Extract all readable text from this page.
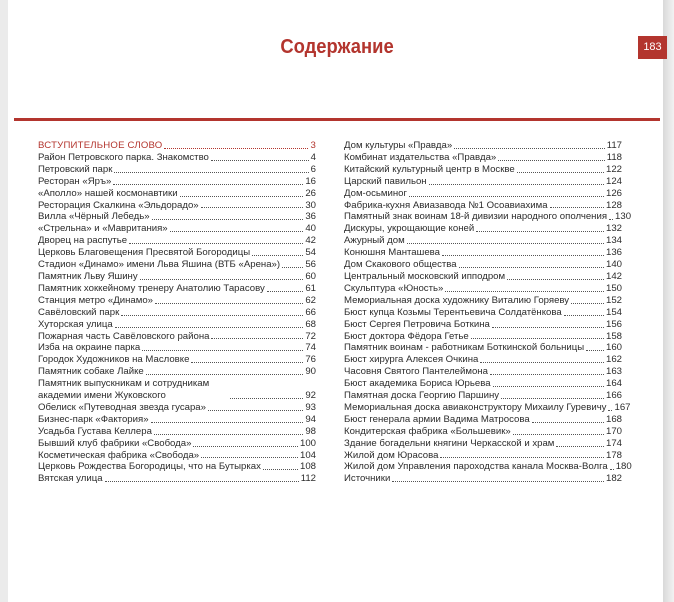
Содержание	183
ВСТУПИТЕЛЬНОЕ СЛОВО	3
Район Петровского парка. Знакомство	4
Петровский парк	6
Ресторан «Яръ»	16
«Аполло» нашей космонавтики	26
Ресторация Скалкина «Эльдорадо»	30
Вилла «Чёрный Лебедь»	36
«Стрельна» и «Мавритания»	40
Дворец на распутье	42
Церковь Благовещения Пресвятой Богородицы	54
Стадион «Динамо» имени Льва Яшина (ВТБ «Арена»)	56
Памятник Льву Яшину	60
Памятник хоккейному тренеру Анатолию Тарасову	61
Станция метро «Динамо»	62
Савёловский парк	66
Хуторская улица	68
Пожарная часть Савёловского района	72
Изба на окраине парка	74
Городок Художников на Масловке	76
Памятник собаке Лайке	90
Памятник выпускникам и сотрудникам академии имени Жуковского	92
Обелиск «Путеводная звезда гусара»	93
Бизнес-парк «Фактория»	94
Усадьба Густава Келлера	98
Бывший клуб фабрики «Свобода»	100
Косметическая фабрика «Свобода»	104
Церковь Рождества Богородицы, что на Бутырках	108
Вятская улица	112
Дом культуры «Правда»	117
Комбинат издательства «Правда»	118
Китайский культурный центр в Москве	122
Царский павильон	124
Дом-осьминог	126
Фабрика-кухня Авиазавода №1 Осоавиахима	128
Памятный знак воинам 18-й дивизии народного ополчения 130
Дискуры, укрощающие коней	132
Ажурный дом	134
Конюшня Манташева	136
Дом Скакового общества	140
Центральный московский ипподром	142
Скульптура «Юность»	150
Мемориальная доска художнику Виталию Горяеву	152
Бюст купца Козьмы Терентьевича Солдатёнкова	154
Бюст Сергея Петровича Боткина	156
Бюст доктора Фёдора Гетье	158
Памятник воинам - работникам Боткинской больницы 160
Бюст хирурга Алексея Очкина	162
Часовня Святого Пантелеймона	163
Бюст академика Бориса Юрьева	164
Памятная доска Георгию Паршину	166
Мемориальная доска авиаконструктору Михаилу Гуревичу 167
Бюст генерала армии Вадима Матросова	168
Кондитерская фабрика «Большевик»	170
Здание богадельни княгини Черкасской и храм	174
Жилой дом Юрасова	178
Жилой дом Управления пароходства канала Москва-Волга 180
Источники	182
